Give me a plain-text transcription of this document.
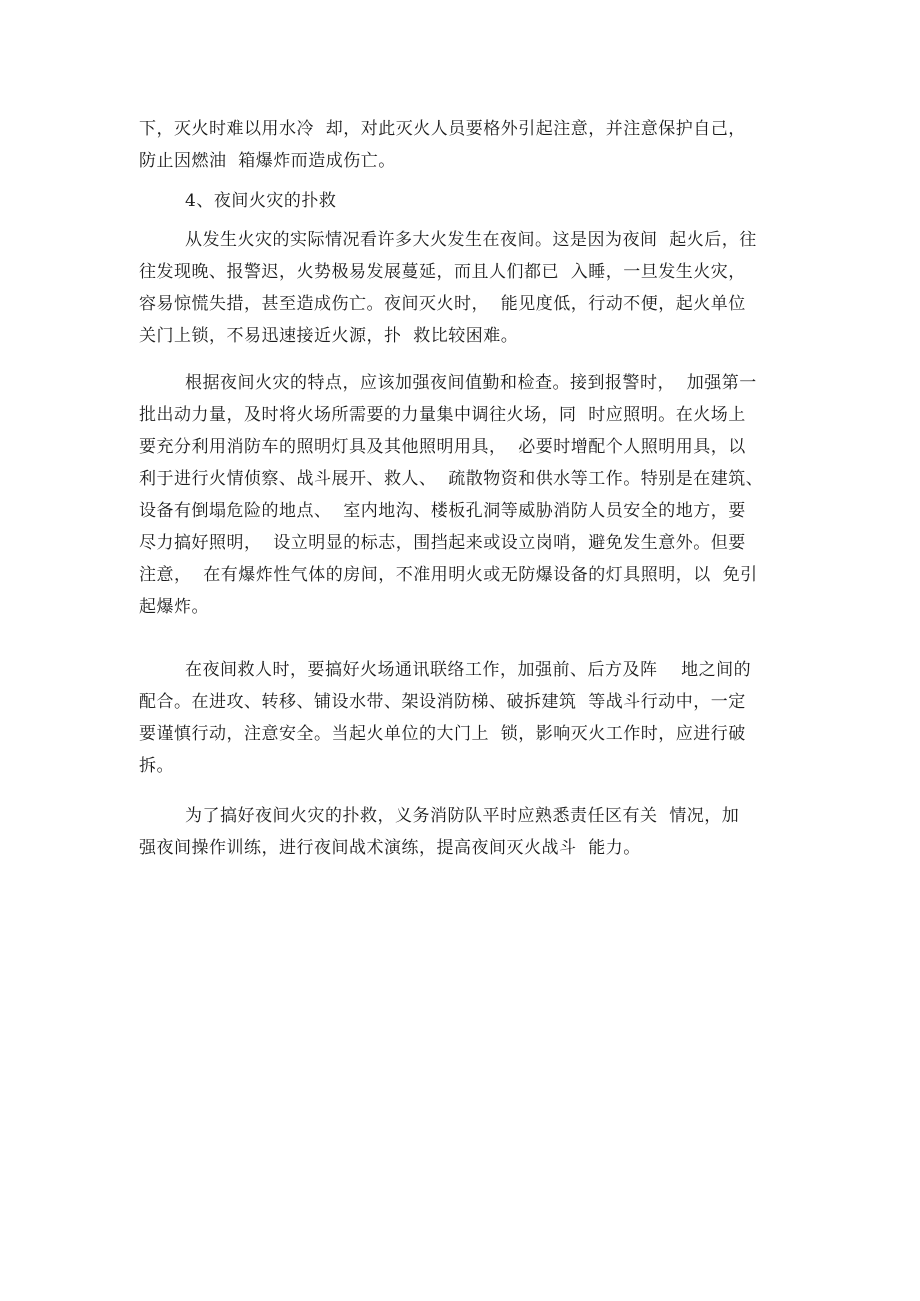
下，灭火时难以用水冷  却，对此灭火人员要格外引起注意，并注意保护自己，
防止因燃油  箱爆炸而造成伤亡。
4、夜间火灾的扑救
从发生火灾的实际情况看许多大火发生在夜间。这是因为夜间  起火后，往
往发现晚、报警迟，火势极易发展蔓延，而且人们都已  入睡，一旦发生火灾，
容易惊慌失措，甚至造成伤亡。夜间灭火时，  能见度低，行动不便，起火单位
关门上锁，不易迅速接近火源，扑  救比较困难。
根据夜间火灾的特点，应该加强夜间值勤和检查。接到报警时，  加强第一
批出动力量，及时将火场所需要的力量集中调往火场，同  时应照明。在火场上
要充分利用消防车的照明灯具及其他照明用具，  必要时增配个人照明用具，以
利于进行火情侦察、战斗展开、救人、  疏散物资和供水等工作。特别是在建筑、
设备有倒塌危险的地点、  室内地沟、楼板孔洞等威胁消防人员安全的地方，要
尽力搞好照明，  设立明显的标志，围挡起来或设立岗哨，避免发生意外。但要
注意，  在有爆炸性气体的房间，不准用明火或无防爆设备的灯具照明，以  免引
起爆炸。
在夜间救人时，要搞好火场通讯联络工作，加强前、后方及阵    地之间的
配合。在进攻、转移、铺设水带、架设消防梯、破拆建筑  等战斗行动中，一定
要谨慎行动，注意安全。当起火单位的大门上  锁，影响灭火工作时，应进行破
拆。
为了搞好夜间火灾的扑救，义务消防队平时应熟悉责任区有关  情况，加
强夜间操作训练，进行夜间战术演练，提高夜间灭火战斗  能力。
